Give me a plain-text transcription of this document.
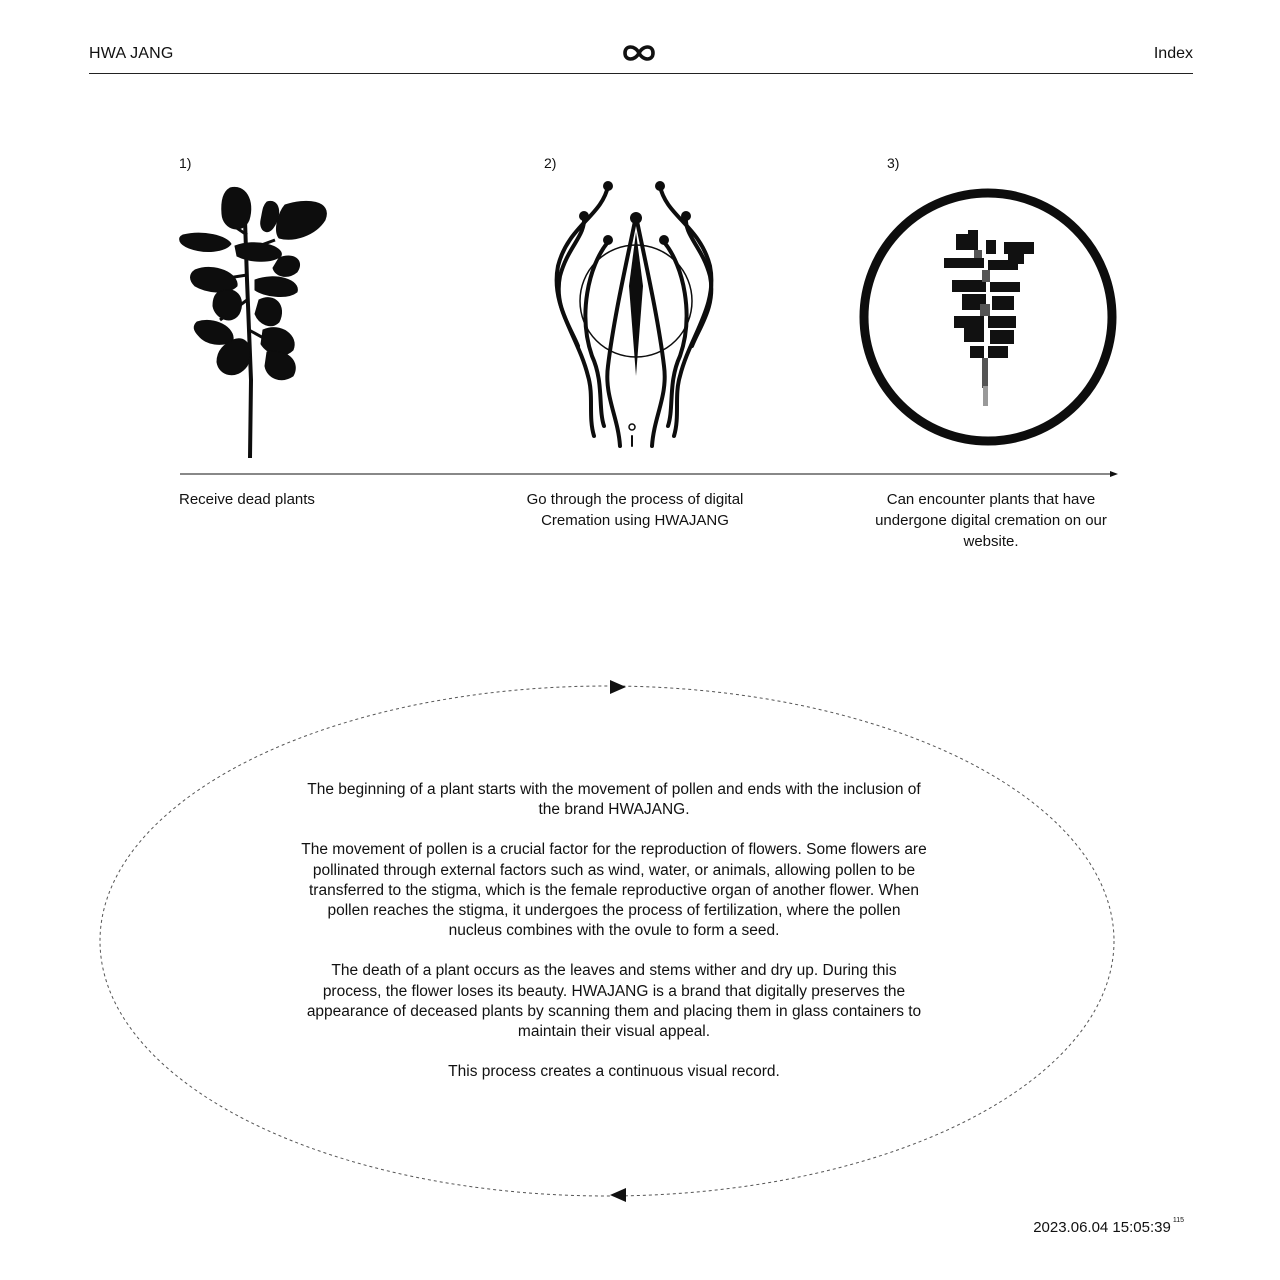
HWA JANG	Index
1)	2)	3)
Receive dead plants	Go through the process of digital Cremation using HWAJANG
Can encounter plants that have undergone digital cremation on our website.

The beginning of a plant starts with the movement of pollen and ends with the inclusion of the brand HWAJANG.

The movement of pollen is a crucial factor for the reproduction of flowers. Some flowers are pollinated through external factors such as wind, water, or animals, allowing pollen to be transferred to the stigma, which is the female reproductive organ of another flower. When pollen reaches the stigma, it undergoes the process of fertilization, where the pollen nucleus combines with the ovule to form a seed.

The death of a plant occurs as the leaves and stems wither and dry up. During this process, the flower loses its beauty. HWAJANG is a brand that digitally preserves the appearance of deceased plants by scanning them and placing them in glass containers to maintain their visual appeal.

This process creates a continuous visual record.

2023.06.04 15:05:39 $^{115}$
